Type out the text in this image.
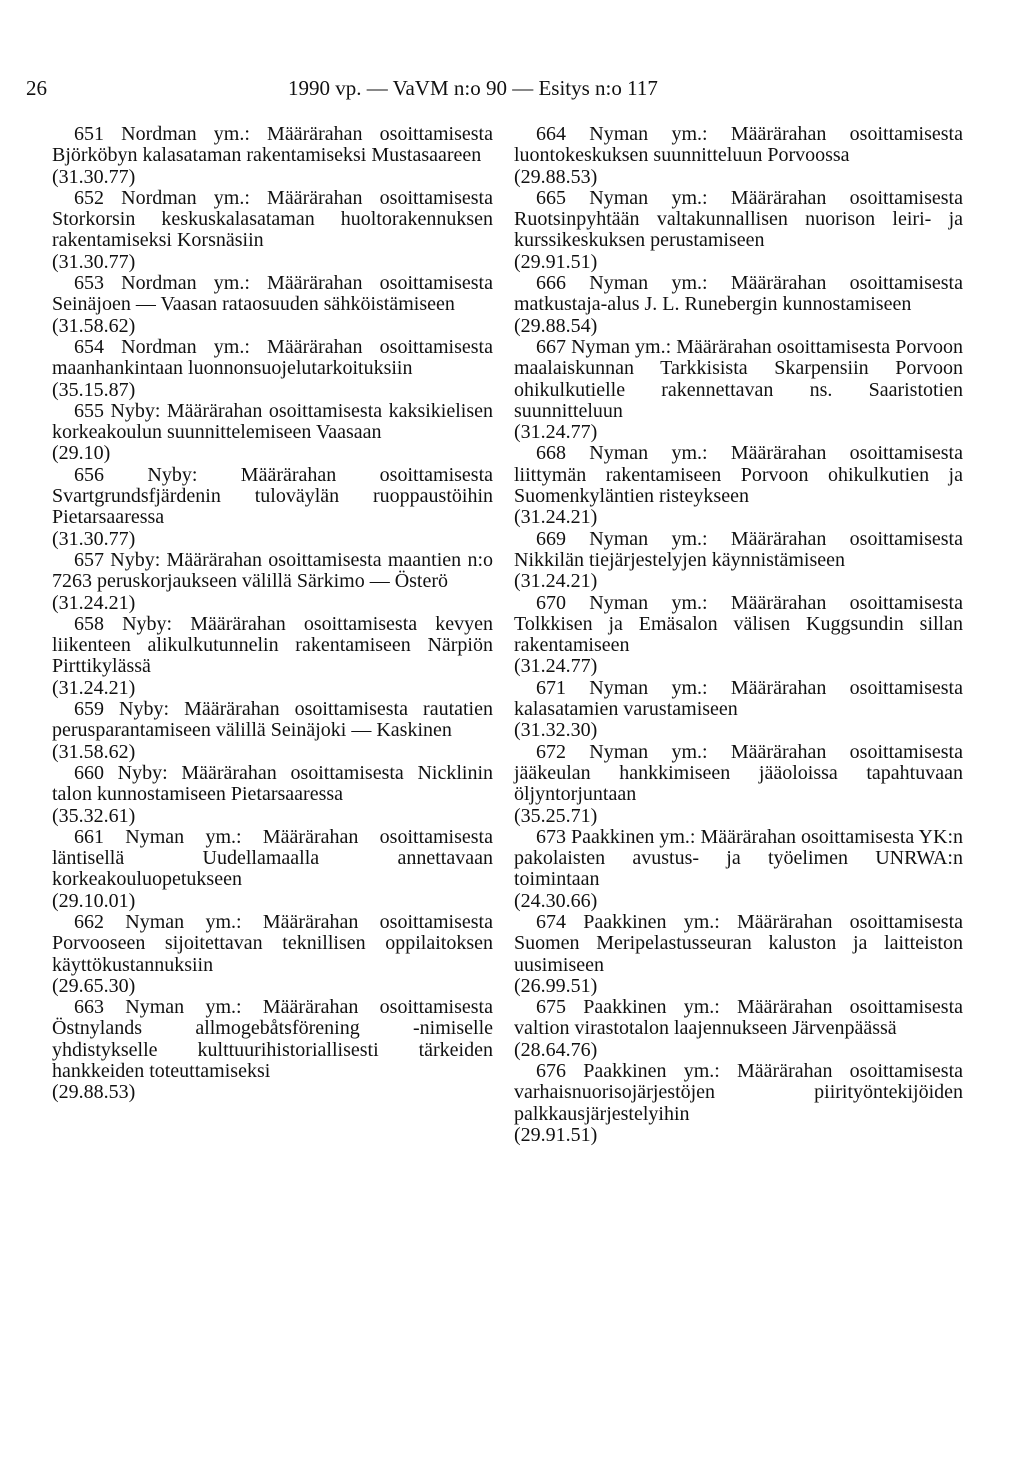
26	1990 vp. — VaVM n:o 90 — Esitys n:o 117

651 Nordman ym.: Määrärahan osoittamisesta Björköbyn kalasataman rakentamiseksi Mustasaareen

(31.30.77)

652 Nordman ym.: Määrärahan osoittamisesta Storkorsin keskuskalasataman huoltorakennuksen rakentamiseksi Korsnäsiin

(31.30.77)

653 Nordman ym.: Määrärahan osoittamisesta Seinäjoen — Vaasan rataosuuden sähköistämiseen

(31.58.62)

654 Nordman ym.: Määrärahan osoittamisesta maanhankintaan luonnonsuojelutarkoituksiin

(35.15.87)

655 Nyby: Määrärahan osoittamisesta kaksikielisen korkeakoulun suunnittelemiseen Vaasaan

(29.10)

656 Nyby: Määrärahan osoittamisesta Svartgrundsfjärdenin tuloväylän ruoppaustöihin Pietarsaaressa

(31.30.77)

657 Nyby: Määrärahan osoittamisesta maantien n:o 7263 peruskorjaukseen välillä Särkimo — Österö

(31.24.21)

658 Nyby: Määrärahan osoittamisesta kevyen liikenteen alikulkutunnelin rakentamiseen Närpiön Pirttikylässä

(31.24.21)

659 Nyby: Määrärahan osoittamisesta rautatien perusparantamiseen välillä Seinäjoki — Kaskinen

(31.58.62)

660 Nyby: Määrärahan osoittamisesta Nicklinin talon kunnostamiseen Pietarsaaressa

(35.32.61)

661 Nyman ym.: Määrärahan osoittamisesta läntisellä Uudellamaalla annettavaan korkeakouluopetukseen

(29.10.01)

662 Nyman ym.: Määrärahan osoittamisesta Porvooseen sijoitettavan teknillisen oppilaitoksen käyttökustannuksiin

(29.65.30)

663 Nyman ym.: Määrärahan osoittamisesta Östnylands allmogebåtsförening -nimiselle yhdistykselle kulttuurihistoriallisesti tärkeiden hankkeiden toteuttamiseksi

(29.88.53)

664 Nyman ym.: Määrärahan osoittamisesta luontokeskuksen suunnitteluun Porvoossa

(29.88.53)

665 Nyman ym.: Määrärahan osoittamisesta Ruotsinpyhtään valtakunnallisen nuorison leiri- ja kurssikeskuksen perustamiseen

(29.91.51)

666 Nyman ym.: Määrärahan osoittamisesta matkustaja-alus J. L. Runebergin kunnostamiseen

(29.88.54)

667 Nyman ym.: Määrärahan osoittamisesta Porvoon maalaiskunnan Tarkkisista Skarpensiin Porvoon ohikulkutielle rakennettavan ns. Saaristotien suunnitteluun

(31.24.77)

668 Nyman ym.: Määrärahan osoittamisesta liittymän rakentamiseen Porvoon ohikulkutien ja Suomenkyläntien risteykseen

(31.24.21)

669 Nyman ym.: Määrärahan osoittamisesta Nikkilän tiejärjestelyjen käynnistämiseen

(31.24.21)

670 Nyman ym.: Määrärahan osoittamisesta Tolkkisen ja Emäsalon välisen Kuggsundin sillan rakentamiseen

(31.24.77)

671 Nyman ym.: Määrärahan osoittamisesta kalasatamien varustamiseen

(31.32.30)

672 Nyman ym.: Määrärahan osoittamisesta jääkeulan hankkimiseen jääoloissa tapahtuvaan öljyntorjuntaan

(35.25.71)

673 Paakkinen ym.: Määrärahan osoittamisesta YK:n pakolaisten avustus- ja työelimen UNRWA:n toimintaan

(24.30.66)

674 Paakkinen ym.: Määrärahan osoittamisesta Suomen Meripelastusseuran kaluston ja laitteiston uusimiseen

(26.99.51)

675 Paakkinen ym.: Määrärahan osoittamisesta valtion virastotalon laajennukseen Järvenpäässä

(28.64.76)

676 Paakkinen ym.: Määrärahan osoittamisesta varhaisnuorisojärjestöjen piirityöntekijöiden palkkausjärjestelyihin

(29.91.51)
